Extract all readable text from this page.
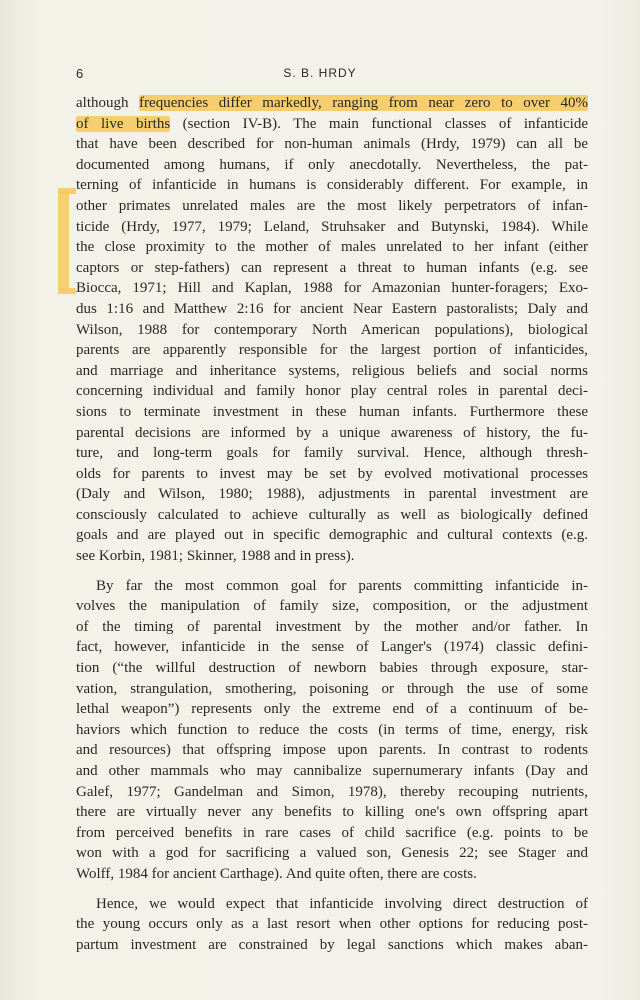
6	S. B. HRDY
although frequencies differ markedly, ranging from near zero to over 40%
of live births (section IV-B). The main functional classes of infanticide
that have been described for non-human animals (Hrdy, 1979) can all be
documented among humans, if only anecdotally. Nevertheless, the pat-
terning of infanticide in humans is considerably different. For example, in
other primates unrelated males are the most likely perpetrators of infan-
ticide (Hrdy, 1977, 1979; Leland, Struhsaker and Butynski, 1984). While
the close proximity to the mother of males unrelated to her infant (either
captors or step-fathers) can represent a threat to human infants (e.g. see
Biocca, 1971; Hill and Kaplan, 1988 for Amazonian hunter-foragers; Exo-
dus 1:16 and Matthew 2:16 for ancient Near Eastern pastoralists; Daly and
Wilson, 1988 for contemporary North American populations), biological
parents are apparently responsible for the largest portion of infanticides,
and marriage and inheritance systems, religious beliefs and social norms
concerning individual and family honor play central roles in parental deci-
sions to terminate investment in these human infants. Furthermore these
parental decisions are informed by a unique awareness of history, the fu-
ture, and long-term goals for family survival. Hence, although thresh-
olds for parents to invest may be set by evolved motivational processes
(Daly and Wilson, 1980; 1988), adjustments in parental investment are
consciously calculated to achieve culturally as well as biologically defined
goals and are played out in specific demographic and cultural contexts (e.g.
see Korbin, 1981; Skinner, 1988 and in press).
By far the most common goal for parents committing infanticide in-
volves the manipulation of family size, composition, or the adjustment
of the timing of parental investment by the mother and/or father. In
fact, however, infanticide in the sense of Langer's (1974) classic defini-
tion (“the willful destruction of newborn babies through exposure, star-
vation, strangulation, smothering, poisoning or through the use of some
lethal weapon”) represents only the extreme end of a continuum of be-
haviors which function to reduce the costs (in terms of time, energy, risk
and resources) that offspring impose upon parents. In contrast to rodents
and other mammals who may cannibalize supernumerary infants (Day and
Galef, 1977; Gandelman and Simon, 1978), thereby recouping nutrients,
there are virtually never any benefits to killing one's own offspring apart
from perceived benefits in rare cases of child sacrifice (e.g. points to be
won with a god for sacrificing a valued son, Genesis 22; see Stager and
Wolff, 1984 for ancient Carthage). And quite often, there are costs.
Hence, we would expect that infanticide involving direct destruction of
the young occurs only as a last resort when other options for reducing post-
partum investment are constrained by legal sanctions which makes aban-
